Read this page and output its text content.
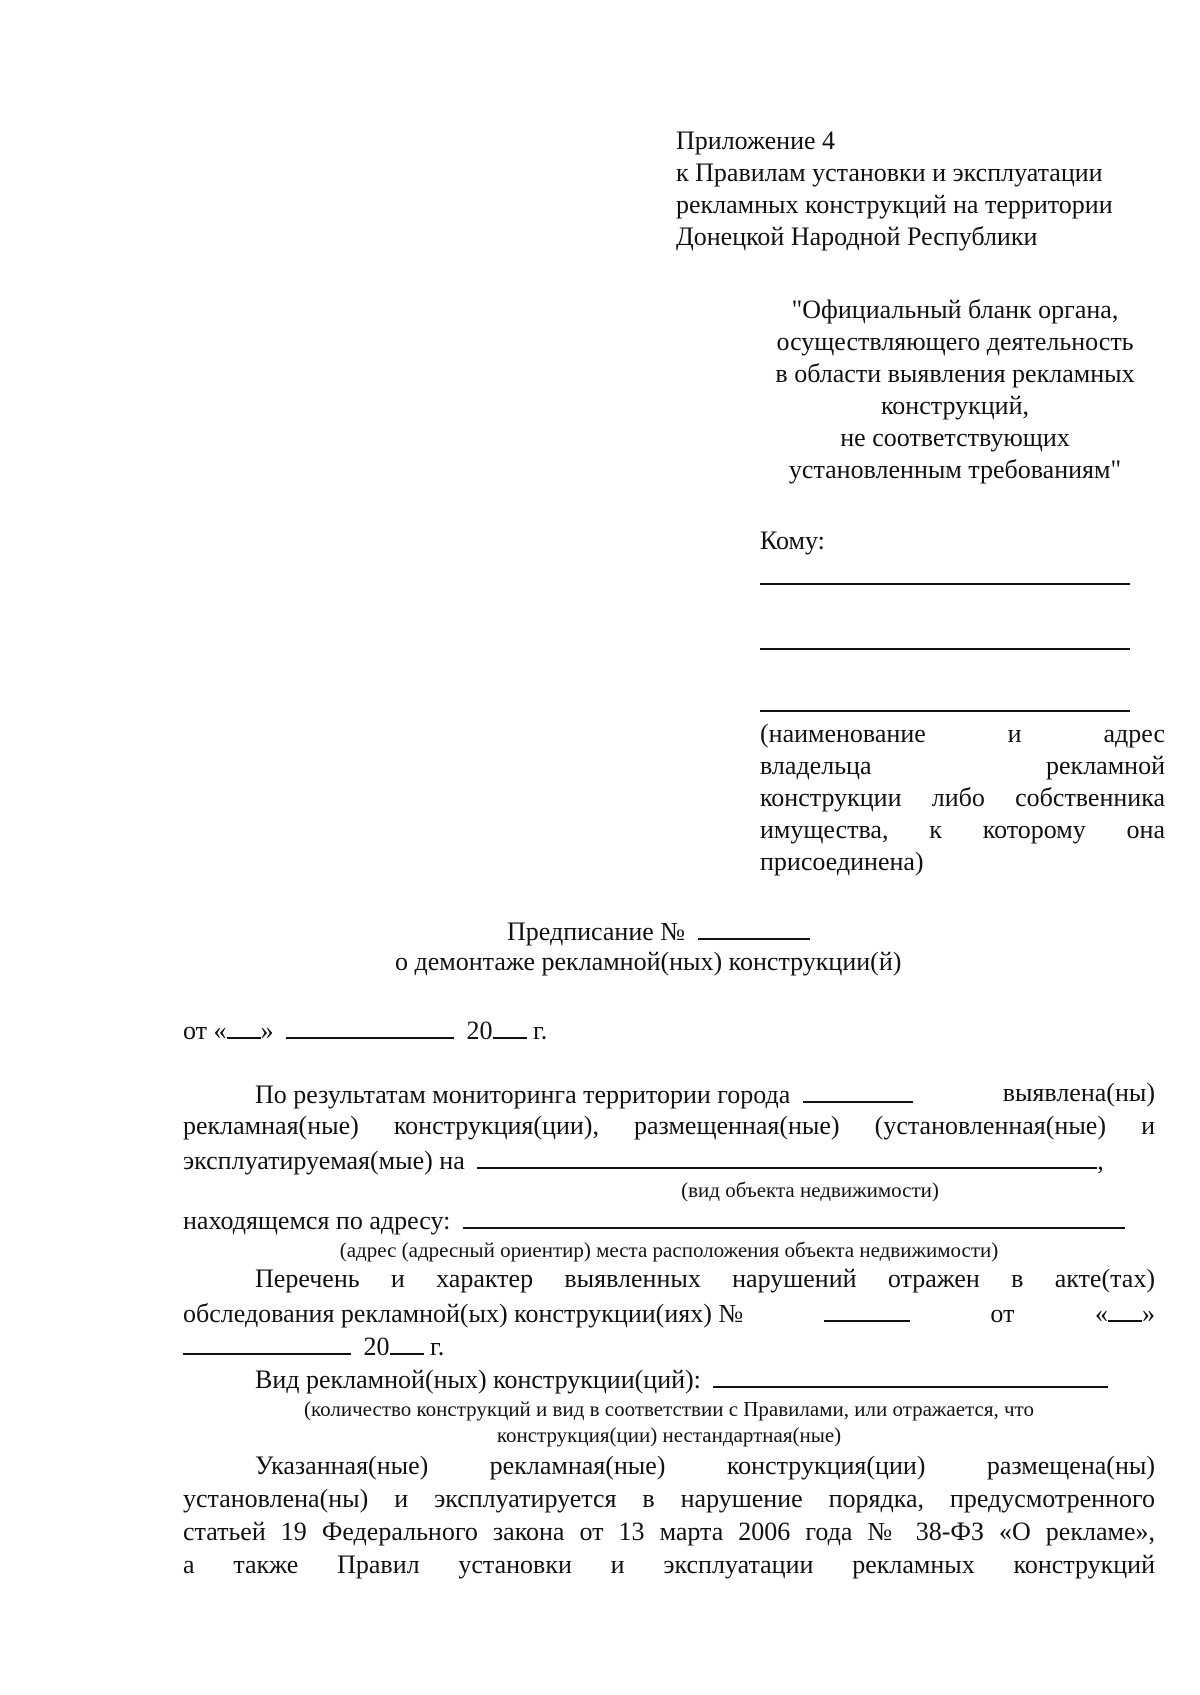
Приложение 4
к Правилам установки и эксплуатации
рекламных конструкций на территории
Донецкой Народной Республики
"Официальный бланк органа,
осуществляющего деятельность
в области выявления рекламных
конструкций,
не соответствующих
установленным требованиям"
Кому:
(наименование и адрес
владельца рекламной
конструкции либо собственника
имущества, к которому она
присоединена)
Предписание №
о демонтаже рекламной(ных) конструкции(й)
от « »	20 г.
По результатам мониторинга территории города	выявлена(ны)
рекламная(ные) конструкция(ции), размещенная(ные) (установленная(ные) и
эксплуатируемая(мые) на	,
(вид объекта недвижимости)
находящемся по адресу:
(адрес (адресный ориентир) места расположения объекта недвижимости)
Перечень и характер выявленных нарушений отражен в акте(тах)
обследования рекламной(ых) конструкции(иях) №	от	« »
20 г.
Вид рекламной(ных) конструкции(ций):
(количество конструкций и вид в соответствии с Правилами, или отражается, что
конструкция(ции) нестандартная(ные)
Указанная(ные) рекламная(ные) конструкция(ции) размещена(ны)
установлена(ны) и эксплуатируется в нарушение порядка, предусмотренного
статьей 19 Федерального закона от 13 марта 2006 года № 38-ФЗ «О рекламе»,
а также Правил установки и эксплуатации рекламных конструкций
